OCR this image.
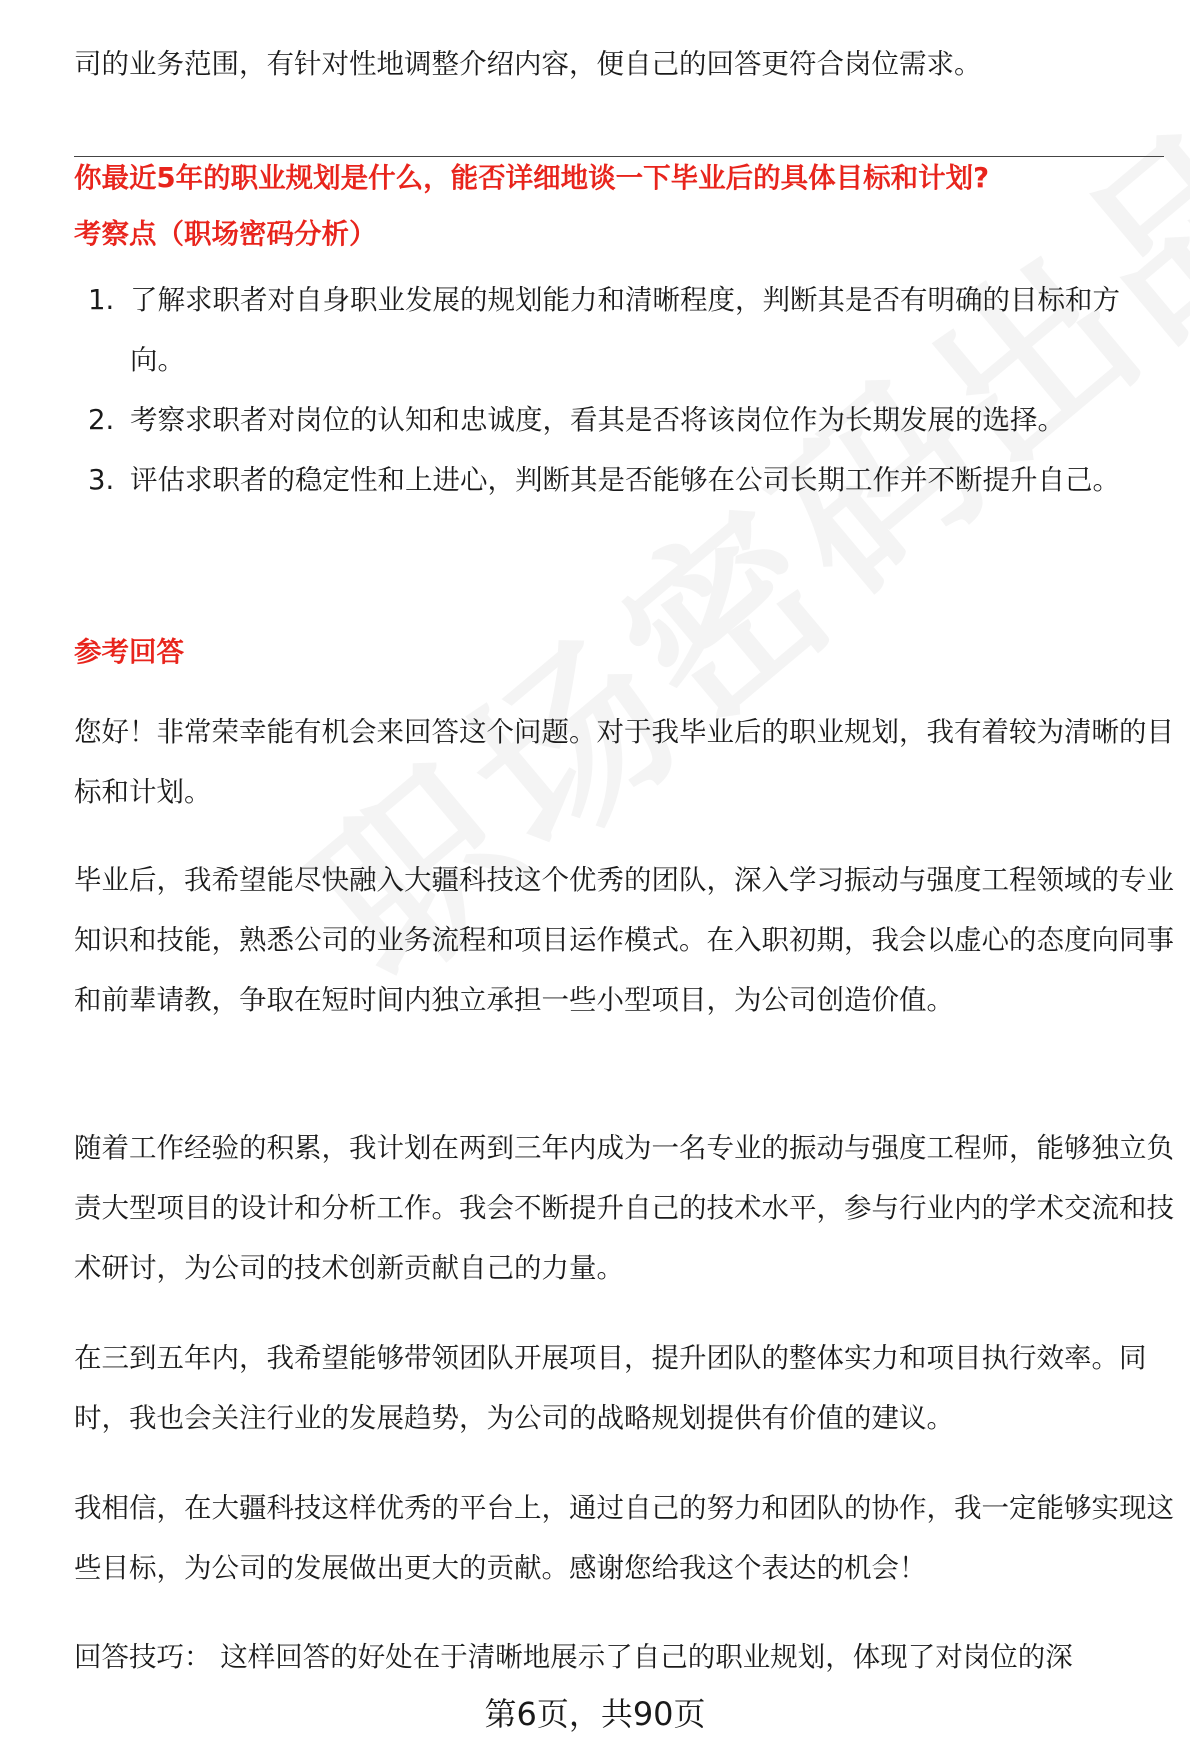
司的业务范围，有针对性地调整介绍内容，便自己的回答更符合岗位需求。

你最近5年的职业规划是什么，能否详细地谈一下毕业后的具体目标和计划?
考察点（职场密码分析）
1. 了解求职者对自身职业发展的规划能力和清晰程度，判断其是否有明确的目标和方向。
2. 考察求职者对岗位的认知和忠诚度，看其是否将该岗位作为长期发展的选择。
3. 评估求职者的稳定性和上进心，判断其是否能够在公司长期工作并不断提升自己。
参考回答

您好！非常荣幸能有机会来回答这个问题。对于我毕业后的职业规划，我有着较为清晰的目标和计划。

毕业后，我希望能尽快融入大疆科技这个优秀的团队，深入学习振动与强度工程领域的专业知识和技能，熟悉公司的业务流程和项目运作模式。在入职初期，我会以虚心的态度向同事和前辈请教，争取在短时间内独立承担一些小型项目，为公司创造价值。

随着工作经验的积累，我计划在两到三年内成为一名专业的振动与强度工程师，能够独立负责大型项目的设计和分析工作。我会不断提升自己的技术水平，参与行业内的学术交流和技术研讨，为公司的技术创新贡献自己的力量。

在三到五年内，我希望能够带领团队开展项目，提升团队的整体实力和项目执行效率。同时，我也会关注行业的发展趋势，为公司的战略规划提供有价值的建议。

我相信，在大疆科技这样优秀的平台上，通过自己的努力和团队的协作，我一定能够实现这些目标，为公司的发展做出更大的贡献。感谢您给我这个表达的机会！

回答技巧： 这样回答的好处在于清晰地展示了自己的职业规划，体现了对岗位的深

第6页，共90页
